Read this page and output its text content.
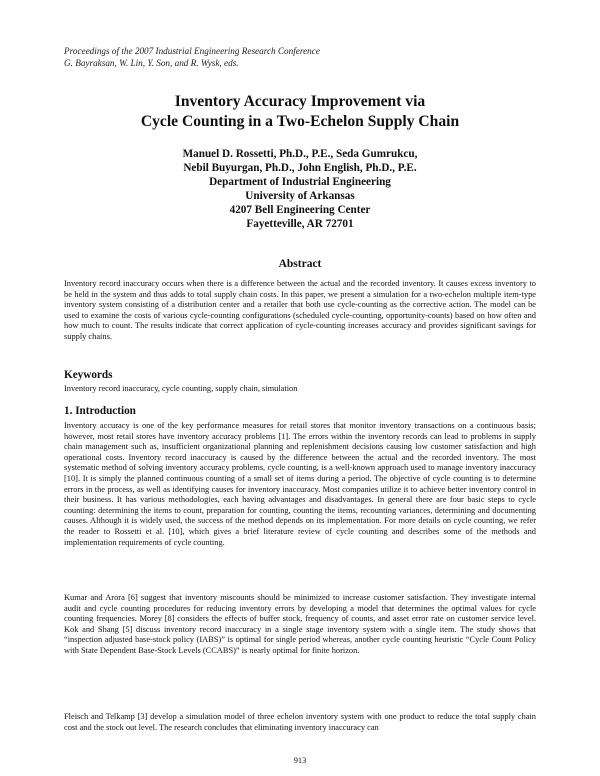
Proceedings of the 2007 Industrial Engineering Research Conference
G. Bayraksan, W. Lin, Y. Son, and R. Wysk, eds.
Inventory Accuracy Improvement via
Cycle Counting in a Two-Echelon Supply Chain
Manuel D. Rossetti, Ph.D., P.E., Seda Gumrukcu,
Nebil Buyurgan, Ph.D., John English, Ph.D., P.E.
Department of Industrial Engineering
University of Arkansas
4207 Bell Engineering Center
Fayetteville, AR 72701
Abstract
Inventory record inaccuracy occurs when there is a difference between the actual and the recorded inventory. It causes excess inventory to be held in the system and thus adds to total supply chain costs. In this paper, we present a simulation for a two-echelon multiple item-type inventory system consisting of a distribution center and a retailer that both use cycle-counting as the corrective action. The model can be used to examine the costs of various cycle-counting configurations (scheduled cycle-counting, opportunity-counts) based on how often and how much to count. The results indicate that correct application of cycle-counting increases accuracy and provides significant savings for supply chains.
Keywords
Inventory record inaccuracy, cycle counting, supply chain, simulation
1. Introduction
Inventory accuracy is one of the key performance measures for retail stores that monitor inventory transactions on a continuous basis; however, most retail stores have inventory accuracy problems [1]. The errors within the inventory records can lead to problems in supply chain management such as, insufficient organizational planning and replenishment decisions causing low customer satisfaction and high operational costs. Inventory record inaccuracy is caused by the difference between the actual and the recorded inventory. The most systematic method of solving inventory accuracy problems, cycle counting, is a well-known approach used to manage inventory inaccuracy [10]. It is simply the planned continuous counting of a small set of items during a period. The objective of cycle counting is to determine errors in the process, as well as identifying causes for inventory inaccuracy. Most companies utilize it to achieve better inventory control in their business. It has various methodologies, each having advantages and disadvantages. In general there are four basic steps to cycle counting: determining the items to count, preparation for counting, counting the items, recounting variances, determining and documenting causes. Although it is widely used, the success of the method depends on its implementation. For more details on cycle counting, we refer the reader to Rossetti et al. [10], which gives a brief literature review of cycle counting and describes some of the methods and implementation requirements of cycle counting.
Kumar and Arora [6] suggest that inventory miscounts should be minimized to increase customer satisfaction. They investigate internal audit and cycle counting procedures for reducing inventory errors by developing a model that determines the optimal values for cycle counting frequencies. Morey [8] considers the effects of buffer stock, frequency of counts, and asset error rate on customer service level. Kok and Shang [5] discuss inventory record inaccuracy in a single stage inventory system with a single item. The study shows that “inspection adjusted base-stock policy (IABS)” is optimal for single period whereas, another cycle counting heuristic “Cycle Count Policy with State Dependent Base-Stock Levels (CCABS)” is nearly optimal for finite horizon.
Fleisch and Telkamp [3] develop a simulation model of three echelon inventory system with one product to reduce the total supply chain cost and the stock out level. The research concludes that eliminating inventory inaccuracy can
913
